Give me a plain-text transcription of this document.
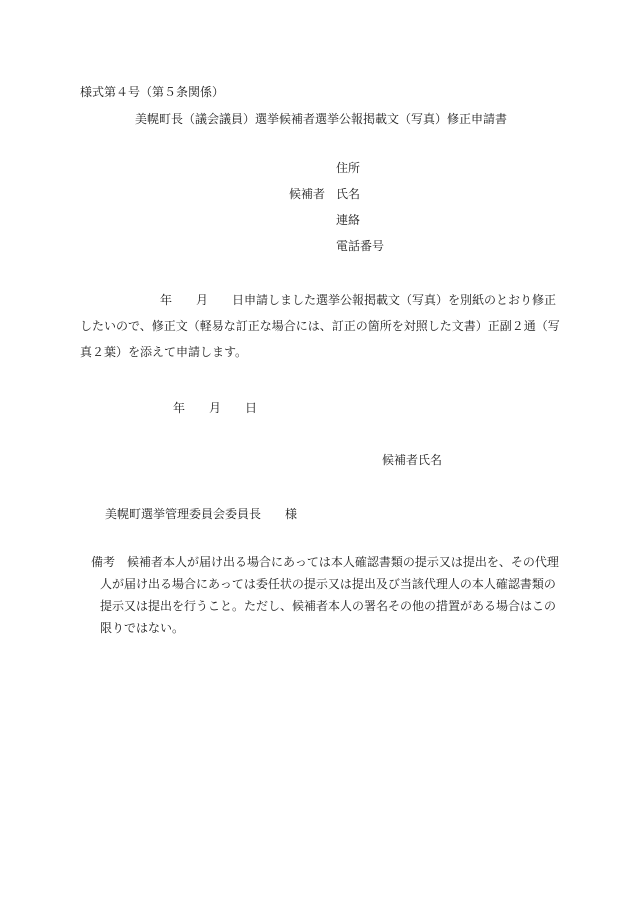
様式第４号（第５条関係）
美幌町長（議会議員）選挙候補者選挙公報掲載文（写真）修正申請書
住所
候補者 氏名
連絡
電話番号
年　　月　　日申請しました選挙公報掲載文（写真）を別紙のとおり修正
したいので、修正文（軽易な訂正な場合には、訂正の箇所を対照した文書）正副２通（写
真２葉）を添えて申請します。
年　　月　　日
候補者氏名
美幌町選挙管理委員会委員長　　様
備考 候補者本人が届け出る場合にあっては本人確認書類の提示又は提出を、その代理
人が届け出る場合にあっては委任状の提示又は提出及び当該代理人の本人確認書類の
提示又は提出を行うこと。ただし、候補者本人の署名その他の措置がある場合はこの
限りではない。
